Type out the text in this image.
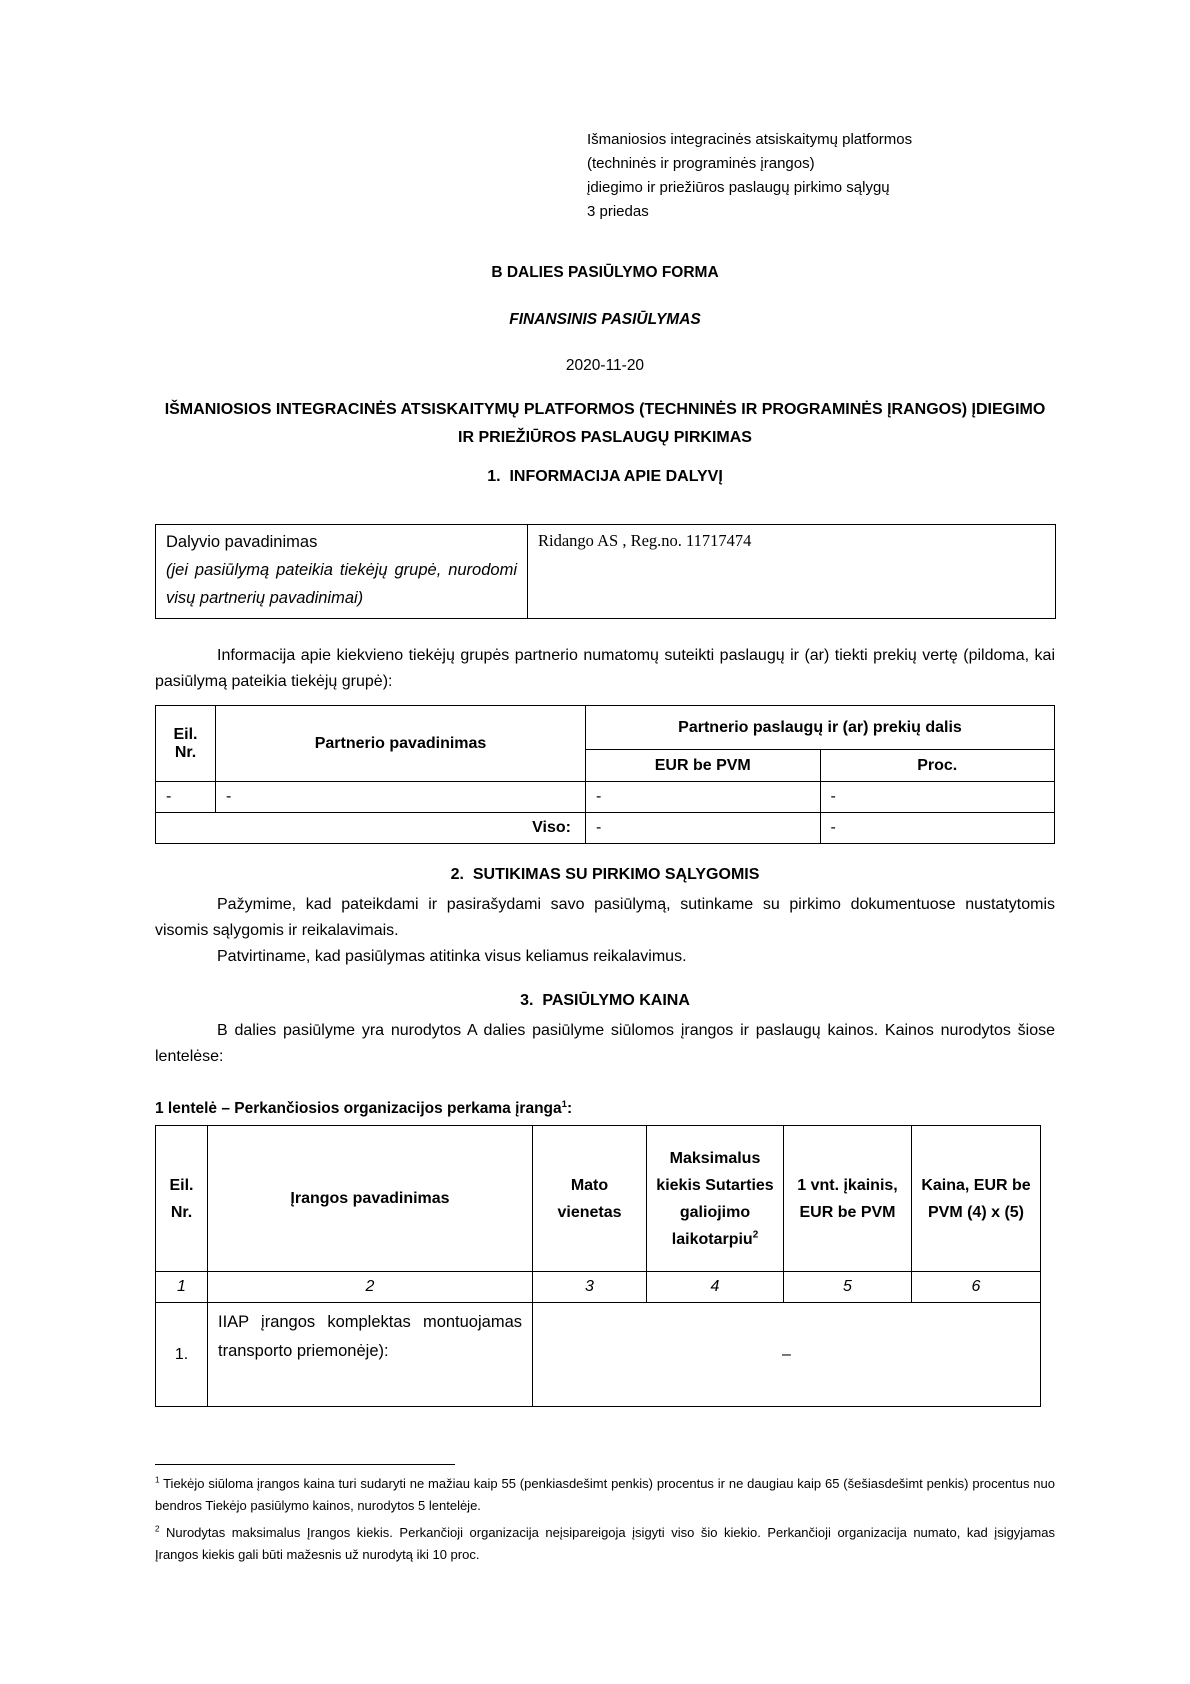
Išmaniosios integracinės atsiskaitymų platformos
(techninės ir programinės įrangos)
įdiegimo ir priežiūros paslaugų pirkimo sąlygų
3 priedas
B DALIES PASIŪLYMO FORMA
FINANSINIS PASIŪLYMAS
2020-11-20
IŠMANIOSIOS INTEGRACINĖS ATSISKAITYMŲ PLATFORMOS (TECHNINĖS IR PROGRAMINĖS ĮRANGOS) ĮDIEGIMO IR PRIEŽIŪROS PASLAUGŲ PIRKIMAS
1.  INFORMACIJA APIE DALYVĮ
Dalyvio pavadinimas
(jei pasiūlymą pateikia tiekėjų grupė, nurodomi visų partnerių pavadinimai)
	Ridango AS , Reg.no. 11717474
Informacija apie kiekvieno tiekėjų grupės partnerio numatomų suteikti paslaugų ir (ar) tiekti prekių vertę (pildoma, kai pasiūlymą pateikia tiekėjų grupė):
Eil.
Nr.	Partnerio pavadinimas	Partnerio paslaugų ir (ar) prekių dalis	
		EUR be PVM	Proc.
-	-	-	-
Viso:		-	-
2.  SUTIKIMAS SU PIRKIMO SĄLYGOMIS
Pažymime, kad pateikdami ir pasirašydami savo pasiūlymą, sutinkame su pirkimo dokumentuose nustatytomis visomis sąlygomis ir reikalavimais.
Patvirtiname, kad pasiūlymas atitinka visus keliamus reikalavimus.
3.  PASIŪLYMO KAINA
B dalies pasiūlyme yra nurodytos A dalies pasiūlyme siūlomos įrangos ir paslaugų kainos. Kainos nurodytos šiose lentelėse:
1 lentelė – Perkančiosios organizacijos perkama įranga$^1$:
Eil.
Nr.	Įrangos pavadinimas	Mato vienetas	Maksimalus kiekis Sutarties galiojimo laikotarpiu$^2$	1 vnt. įkainis, EUR be PVM	Kaina, EUR be PVM (4) x (5)
1	2	3	4	5	6
1.	IIAP įrangos komplektas montuojamas transporto priemonėje):	–			
$^1$ Tiekėjo siūloma įrangos kaina turi sudaryti ne mažiau kaip 55 (penkiasdešimt penkis) procentus ir ne daugiau kaip 65 (šešiasdešimt penkis) procentus nuo bendros Tiekėjo pasiūlymo kainos, nurodytos 5 lentelėje.
$^2$ Nurodytas maksimalus Įrangos kiekis. Perkančioji organizacija neįsipareigoja įsigyti viso šio kiekio. Perkančioji organizacija numato, kad įsigyjamas Įrangos kiekis gali būti mažesnis už nurodytą iki 10 proc.
